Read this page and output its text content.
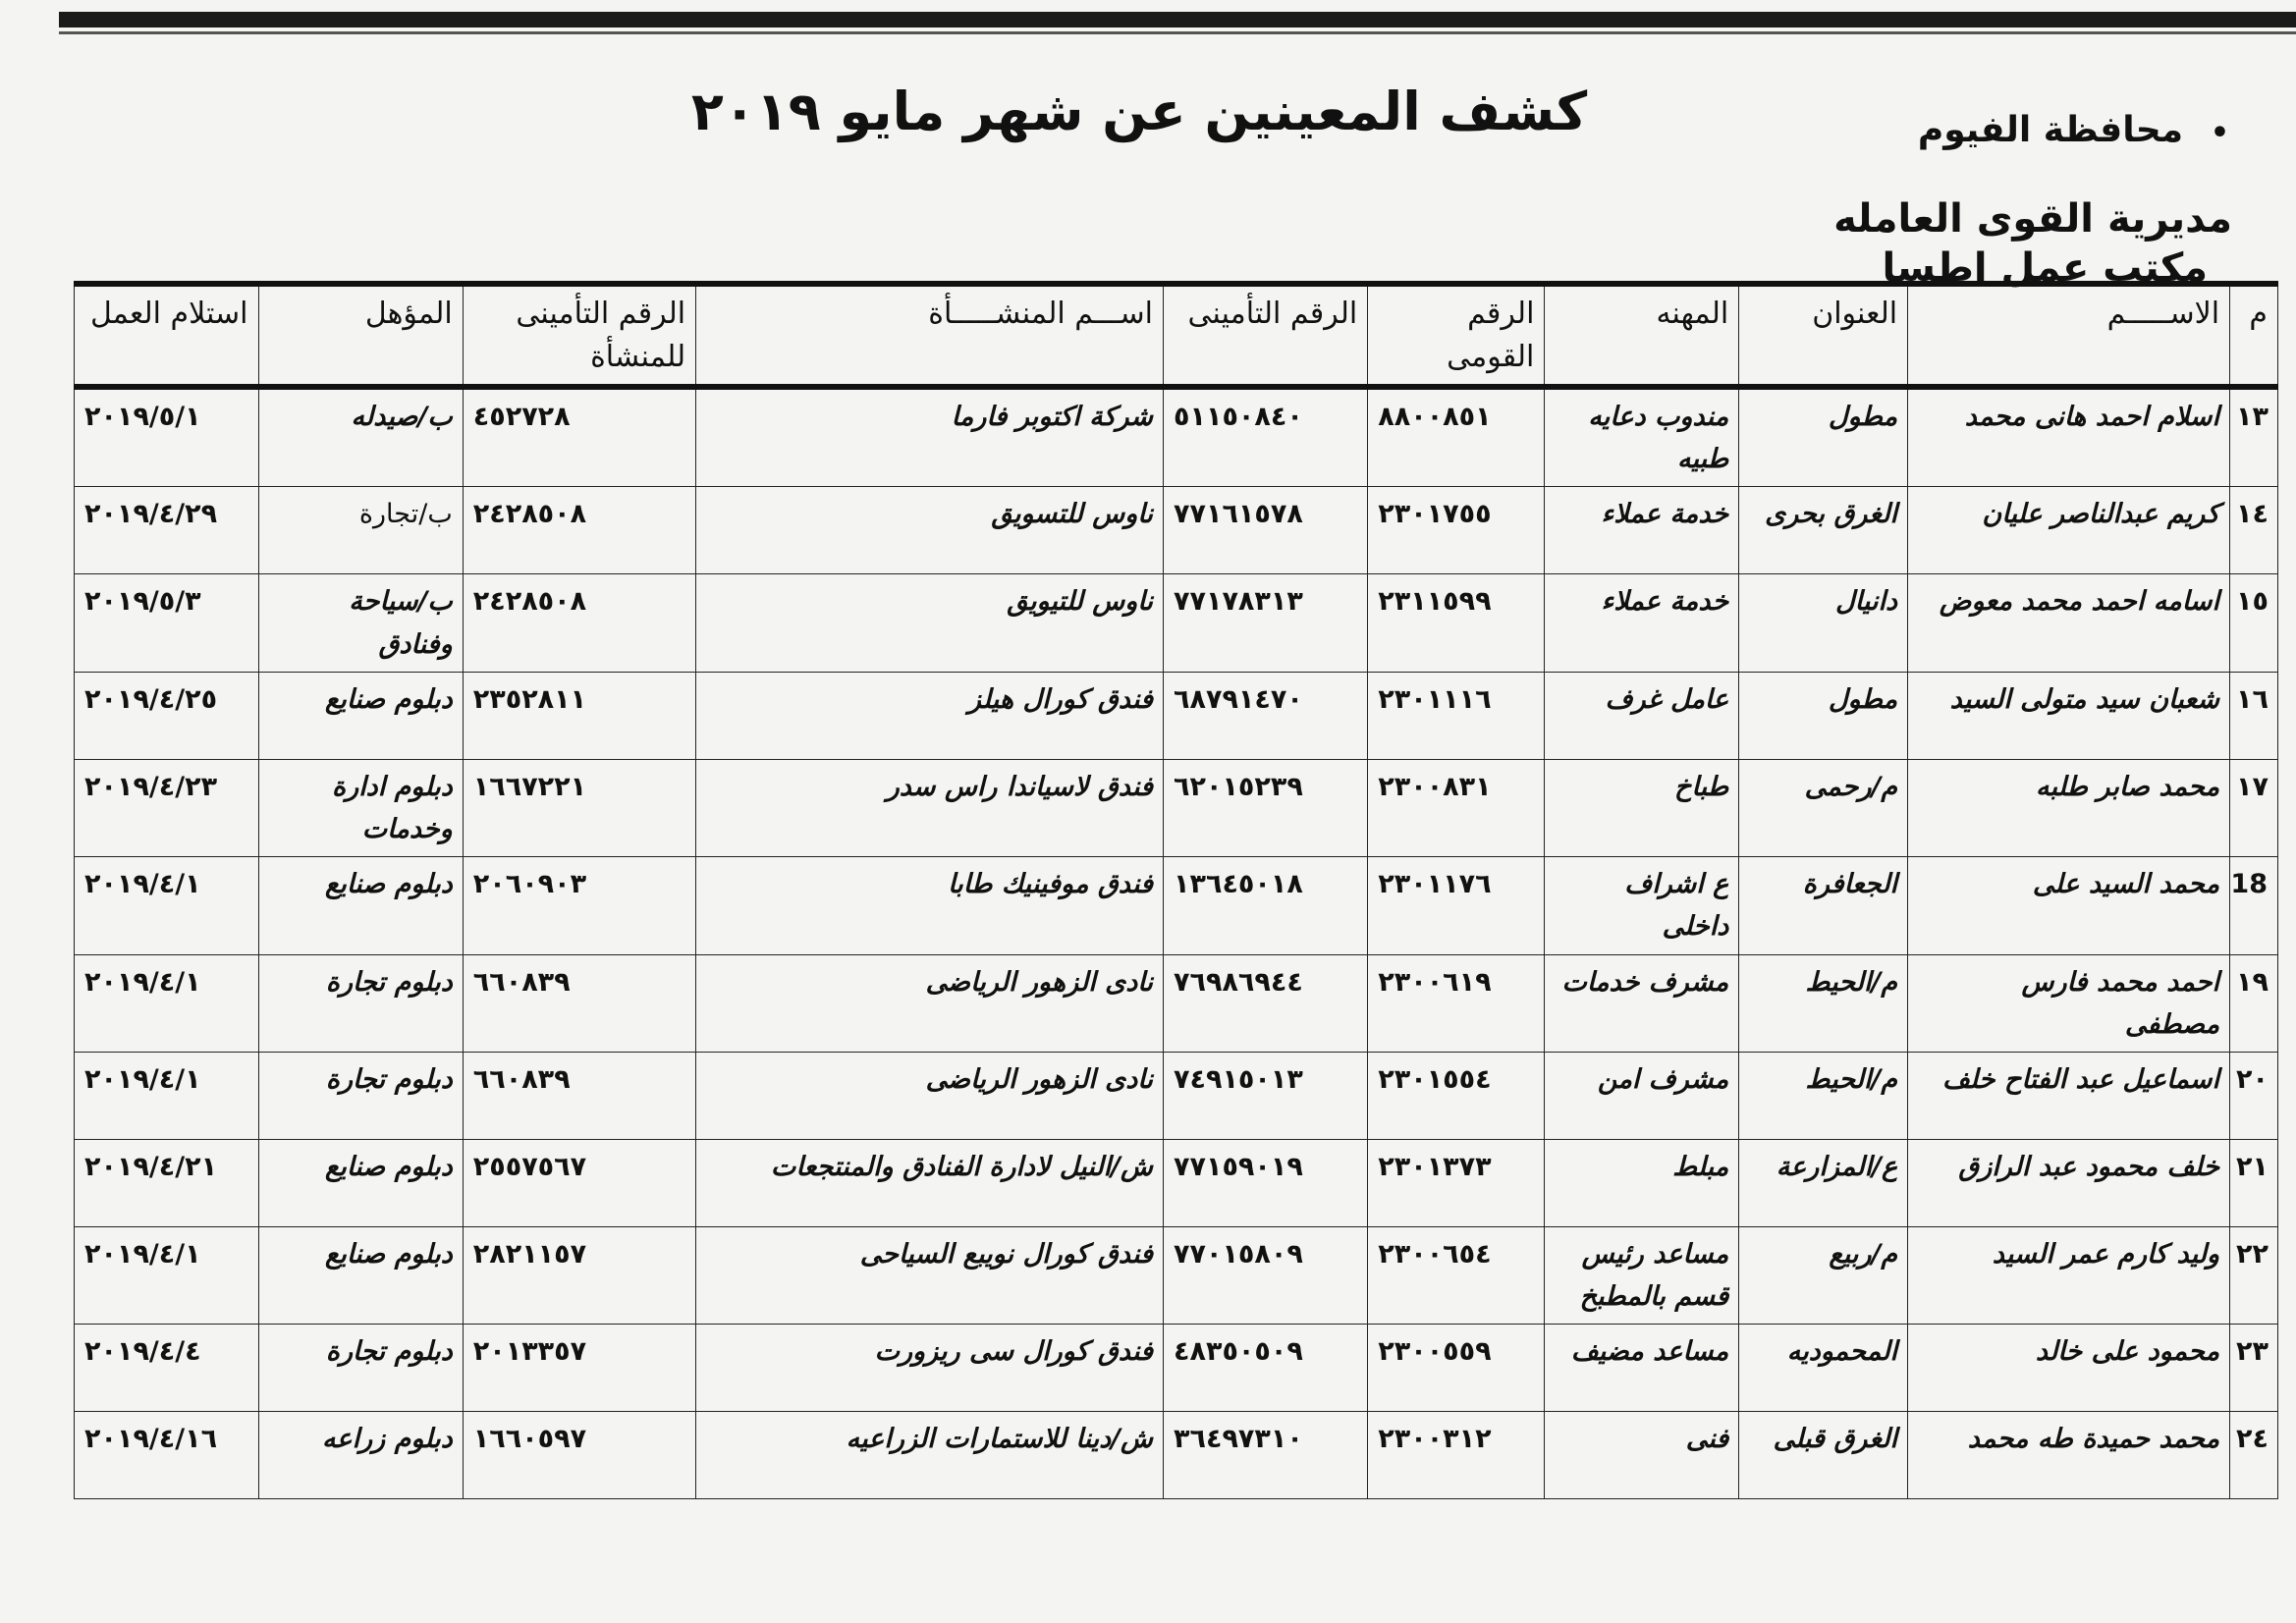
كشف المعينين عن شهر مايو ٢٠١٩	•
محافظة الفيوم
مديرية القوى العامله
مكتب عمل اطسا
م	الاســـــم	العنوان	المهنه	الرقم القومى	الرقم التأمينى	اســـم المنشـــــأة	الرقم التأمينى للمنشأة	المؤهل	استلام العمل
١٣	اسلام احمد هانى محمد	مطول	مندوب دعايه طبيه	٨٨٠٠٨٥١	٥١١٥٠٨٤٠	شركة اكتوبر فارما	٤٥٢٧٢٨	ب/صيدله	٢٠١٩/٥/١
١٤	كريم عبدالناصر عليان	الغرق بحرى	خدمة عملاء	٢٣٠١٧٥٥	٧٧١٦١٥٧٨	ناوس للتسويق	٢٤٢٨٥٠٨	ب/تجارة	٢٠١٩/٤/٢٩
١٥	اسامه احمد محمد معوض	دانيال	خدمة عملاء	٢٣١١٥٩٩	٧٧١٧٨٣١٣	ناوس للتيويق	٢٤٢٨٥٠٨	ب/سياحة وفنادق	٢٠١٩/٥/٣
١٦	شعبان سيد متولى السيد	مطول	عامل غرف	٢٣٠١١١٦	٦٨٧٩١٤٧٠	فندق كورال هيلز	٢٣٥٢٨١١	دبلوم صنايع	٢٠١٩/٤/٢٥
١٧	محمد صابر طلبه	م/رحمى	طباخ	٢٣٠٠٨٣١	٦٢٠١٥٢٣٩	فندق لاسياندا راس سدر	١٦٦٧٢٢١	دبلوم ادارة وخدمات	٢٠١٩/٤/٢٣
18	محمد السيد على	الجعافرة	ع اشراف داخلى	٢٣٠١١٧٦	١٣٦٤٥٠١٨	فندق موفينيك طابا	٢٠٦٠٩٠٣	دبلوم صنايع	٢٠١٩/٤/١
١٩	احمد محمد فارس مصطفى	م/الحيط	مشرف خدمات	٢٣٠٠٦١٩	٧٦٩٨٦٩٤٤	نادى الزهور الرياضى	٦٦٠٨٣٩	دبلوم تجارة	٢٠١٩/٤/١
٢٠	اسماعيل عبد الفتاح خلف	م/الحيط	مشرف امن	٢٣٠١٥٥٤	٧٤٩١٥٠١٣	نادى الزهور الرياضى	٦٦٠٨٣٩	دبلوم تجارة	٢٠١٩/٤/١
٢١	خلف محمود عبد الرازق	ع/المزارعة	مبلط	٢٣٠١٣٧٣	٧٧١٥٩٠١٩	ش/النيل لادارة الفنادق والمنتجعات	٢٥٥٧٥٦٧	دبلوم صنايع	٢٠١٩/٤/٢١
٢٢	وليد كارم عمر السيد	م/ربيع	مساعد رئيس قسم بالمطبخ	٢٣٠٠٦٥٤	٧٧٠١٥٨٠٩	فندق كورال نويبع السياحى	٢٨٢١١٥٧	دبلوم صنايع	٢٠١٩/٤/١
٢٣	محمود على خالد	المحموديه	مساعد مضيف	٢٣٠٠٥٥٩	٤٨٣٥٠٥٠٩	فندق كورال سى ريزورت	٢٠١٣٣٥٧	دبلوم تجارة	٢٠١٩/٤/٤
٢٤	محمد حميدة طه محمد	الغرق قبلى	فنى	٢٣٠٠٣١٢	٣٦٤٩٧٣١٠	ش/دينا للاستمارات الزراعيه	١٦٦٠٥٩٧	دبلوم زراعه	٢٠١٩/٤/١٦
